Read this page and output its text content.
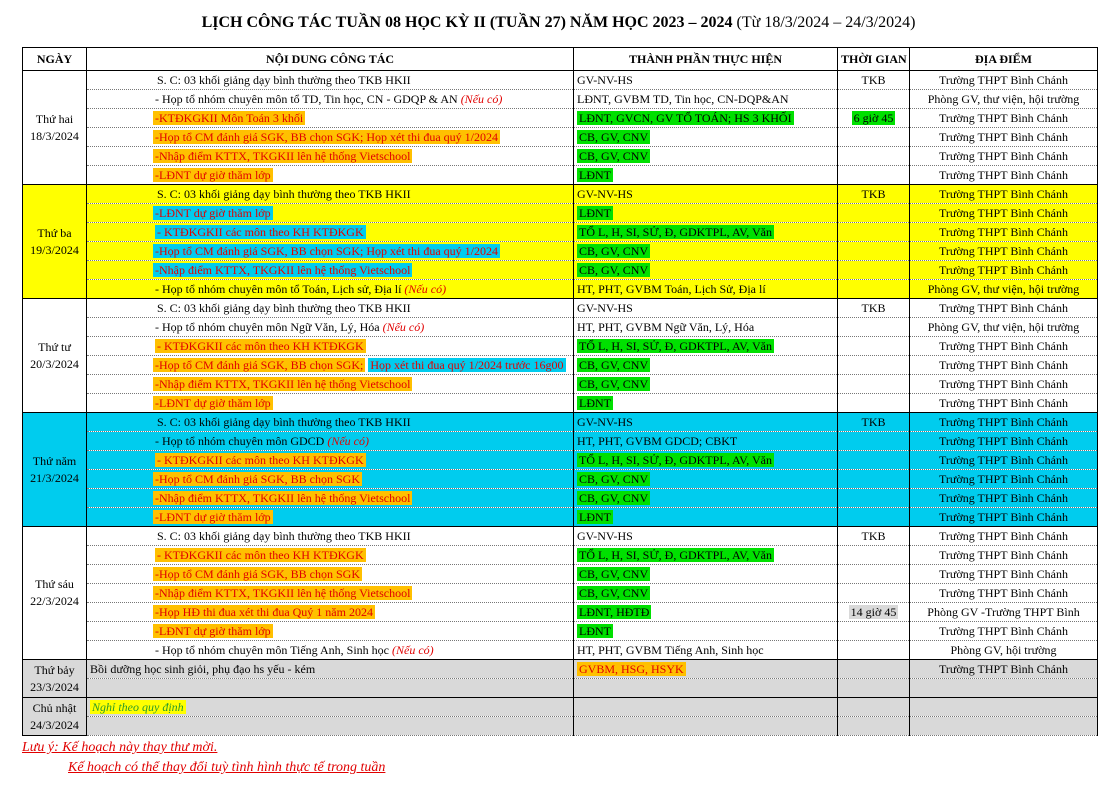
LỊCH CÔNG TÁC TUẦN 08 HỌC KỲ II (TUẦN 27) NĂM HỌC 2023 – 2024 (Từ 18/3/2024 – 24/3/2024)
NGÀY	NỘI DUNG CÔNG TÁC	THÀNH PHẦN THỰC HIỆN	THỜI GIAN	ĐỊA ĐIỂM

Thứ hai
18/3/2024	S. C: 03 khối giảng dạy bình thường theo TKB HKII	GV-NV-HS	TKB	Trường THPT Bình Chánh
	- Họp tổ nhóm chuyên môn tổ TD, Tin học, CN - GDQP & AN (Nếu có)	LĐNT, GVBM TD, Tin học, CN-DQP&AN		Phòng GV, thư viện, hội trường
	-KTĐKGKII Môn Toán 3 khối	LĐNT, GVCN, GV TỔ TOÁN; HS 3 KHỐI	6 giờ 45	Trường THPT Bình Chánh
	-Họp tổ CM đánh giá SGK, BB chọn SGK; Họp xét thi đua quý 1/2024	CB, GV, CNV		Trường THPT Bình Chánh
	-Nhập điểm KTTX, TKGKII lên hệ thống Vietschool	CB, GV, CNV		Trường THPT Bình Chánh
	-LĐNT dự giờ thăm lớp	LĐNT		Trường THPT Bình Chánh

Thứ ba
19/3/2024	S. C: 03 khối giảng dạy bình thường theo TKB HKII	GV-NV-HS	TKB	Trường THPT Bình Chánh
	-LĐNT dự giờ thăm lớp	LĐNT		Trường THPT Bình Chánh
	- KTĐKGKII các môn theo KH KTĐKGK	TỔ L, H, SI, SỬ, Đ, GDKTPL, AV, Văn		Trường THPT Bình Chánh
	-Họp tổ CM đánh giá SGK, BB chọn SGK; Họp xét thi đua quý 1/2024	CB, GV, CNV		Trường THPT Bình Chánh
	-Nhập điểm KTTX, TKGKII lên hệ thống Vietschool	CB, GV, CNV		Trường THPT Bình Chánh
	- Họp tổ nhóm chuyên môn tổ Toán, Lịch sử, Địa lí (Nếu có)	HT, PHT, GVBM Toán, Lịch Sử, Địa lí		Phòng GV, thư viện, hội trường

Thứ tư
20/3/2024	S. C: 03 khối giảng dạy bình thường theo TKB HKII	GV-NV-HS	TKB	Trường THPT Bình Chánh
	- Họp tổ nhóm chuyên môn Ngữ Văn, Lý, Hóa (Nếu có)	HT, PHT, GVBM Ngữ Văn, Lý, Hóa		Phòng GV, thư viện, hội trường
	- KTĐKGKII các môn theo KH KTĐKGK	TỔ L, H, SI, SỬ, Đ, GDKTPL, AV, Văn		Trường THPT Bình Chánh
	-Họp tổ CM đánh giá SGK, BB chọn SGK; Họp xét thi đua quý 1/2024 trước 16g00	CB, GV, CNV		Trường THPT Bình Chánh
	-Nhập điểm KTTX, TKGKII lên hệ thống Vietschool	CB, GV, CNV		Trường THPT Bình Chánh
	-LĐNT dự giờ thăm lớp	LĐNT		Trường THPT Bình Chánh

Thứ năm
21/3/2024	S. C: 03 khối giảng dạy bình thường theo TKB HKII	GV-NV-HS	TKB	Trường THPT Bình Chánh
	- Họp tổ nhóm chuyên môn GDCD (Nếu có)	HT, PHT, GVBM GDCD; CBKT		Trường THPT Bình Chánh
	- KTĐKGKII các môn theo KH KTĐKGK	TỔ L, H, SI, SỬ, Đ, GDKTPL, AV, Văn		Trường THPT Bình Chánh
	-Họp tổ CM đánh giá SGK, BB chọn SGK	CB, GV, CNV		Trường THPT Bình Chánh
	-Nhập điểm KTTX, TKGKII lên hệ thống Vietschool	CB, GV, CNV		Trường THPT Bình Chánh
	-LĐNT dự giờ thăm lớp	LĐNT		Trường THPT Bình Chánh

Thứ sáu
22/3/2024	S. C: 03 khối giảng dạy bình thường theo TKB HKII	GV-NV-HS	TKB	Trường THPT Bình Chánh
	- KTĐKGKII các môn theo KH KTĐKGK	TỔ L, H, SI, SỬ, Đ, GDKTPL, AV, Văn		Trường THPT Bình Chánh
	-Họp tổ CM đánh giá SGK, BB chọn SGK	CB, GV, CNV		Trường THPT Bình Chánh
	-Nhập điểm KTTX, TKGKII lên hệ thống Vietschool	CB, GV, CNV		Trường THPT Bình Chánh
	-Họp HĐ thi đua xét thi đua Quý 1 năm 2024	LĐNT, HĐTĐ	14 giờ 45	Phòng GV -Trường THPT Bình
	-LĐNT dự giờ thăm lớp	LĐNT		Trường THPT Bình Chánh
	- Họp tổ nhóm chuyên môn Tiếng Anh, Sinh học (Nếu có)	HT, PHT, GVBM Tiếng Anh, Sinh học		Phòng GV, hội trường

Thứ bảy
23/3/2024	Bồi dưỡng học sinh giỏi, phụ đạo hs yếu - kém	GVBM, HSG, HSYK		Trường THPT Bình Chánh

Chủ nhật
24/3/2024	Nghỉ theo quy định			

Lưu ý: Kế hoạch này thay thư mời.
Kế hoạch có thể thay đổi tuỳ tình hình thực tế trong tuần
